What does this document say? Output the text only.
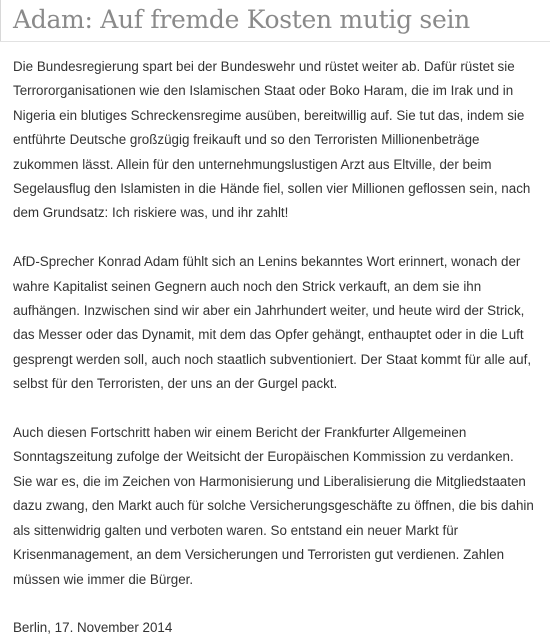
Adam: Auf fremde Kosten mutig sein

Die Bundesregierung spart bei der Bundeswehr und rüstet weiter ab. Dafür rüstet sie Terrororganisationen wie den Islamischen Staat oder Boko Haram, die im Irak und in Nigeria ein blutiges Schreckensregime ausüben, bereitwillig auf. Sie tut das, indem sie entführte Deutsche großzügig freikauft und so den Terroristen Millionenbeträge zukommen lässt. Allein für den unternehmungslustigen Arzt aus Eltville, der beim Segelausflug den Islamisten in die Hände fiel, sollen vier Millionen geflossen sein, nach dem Grundsatz: Ich riskiere was, und ihr zahlt!

AfD-Sprecher Konrad Adam fühlt sich an Lenins bekanntes Wort erinnert, wonach der wahre Kapitalist seinen Gegnern auch noch den Strick verkauft, an dem sie ihn aufhängen. Inzwischen sind wir aber ein Jahrhundert weiter, und heute wird der Strick, das Messer oder das Dynamit, mit dem das Opfer gehängt, enthauptet oder in die Luft gesprengt werden soll, auch noch staatlich subventioniert. Der Staat kommt für alle auf, selbst für den Terroristen, der uns an der Gurgel packt.

Auch diesen Fortschritt haben wir einem Bericht der Frankfurter Allgemeinen Sonntagszeitung zufolge der Weitsicht der Europäischen Kommission zu verdanken. Sie war es, die im Zeichen von Harmonisierung und Liberalisierung die Mitgliedstaaten dazu zwang, den Markt auch für solche Versicherungsgeschäfte zu öffnen, die bis dahin als sittenwidrig galten und verboten waren. So entstand ein neuer Markt für Krisenmanagement, an dem Versicherungen und Terroristen gut verdienen. Zahlen müssen wie immer die Bürger.

Berlin, 17. November 2014
